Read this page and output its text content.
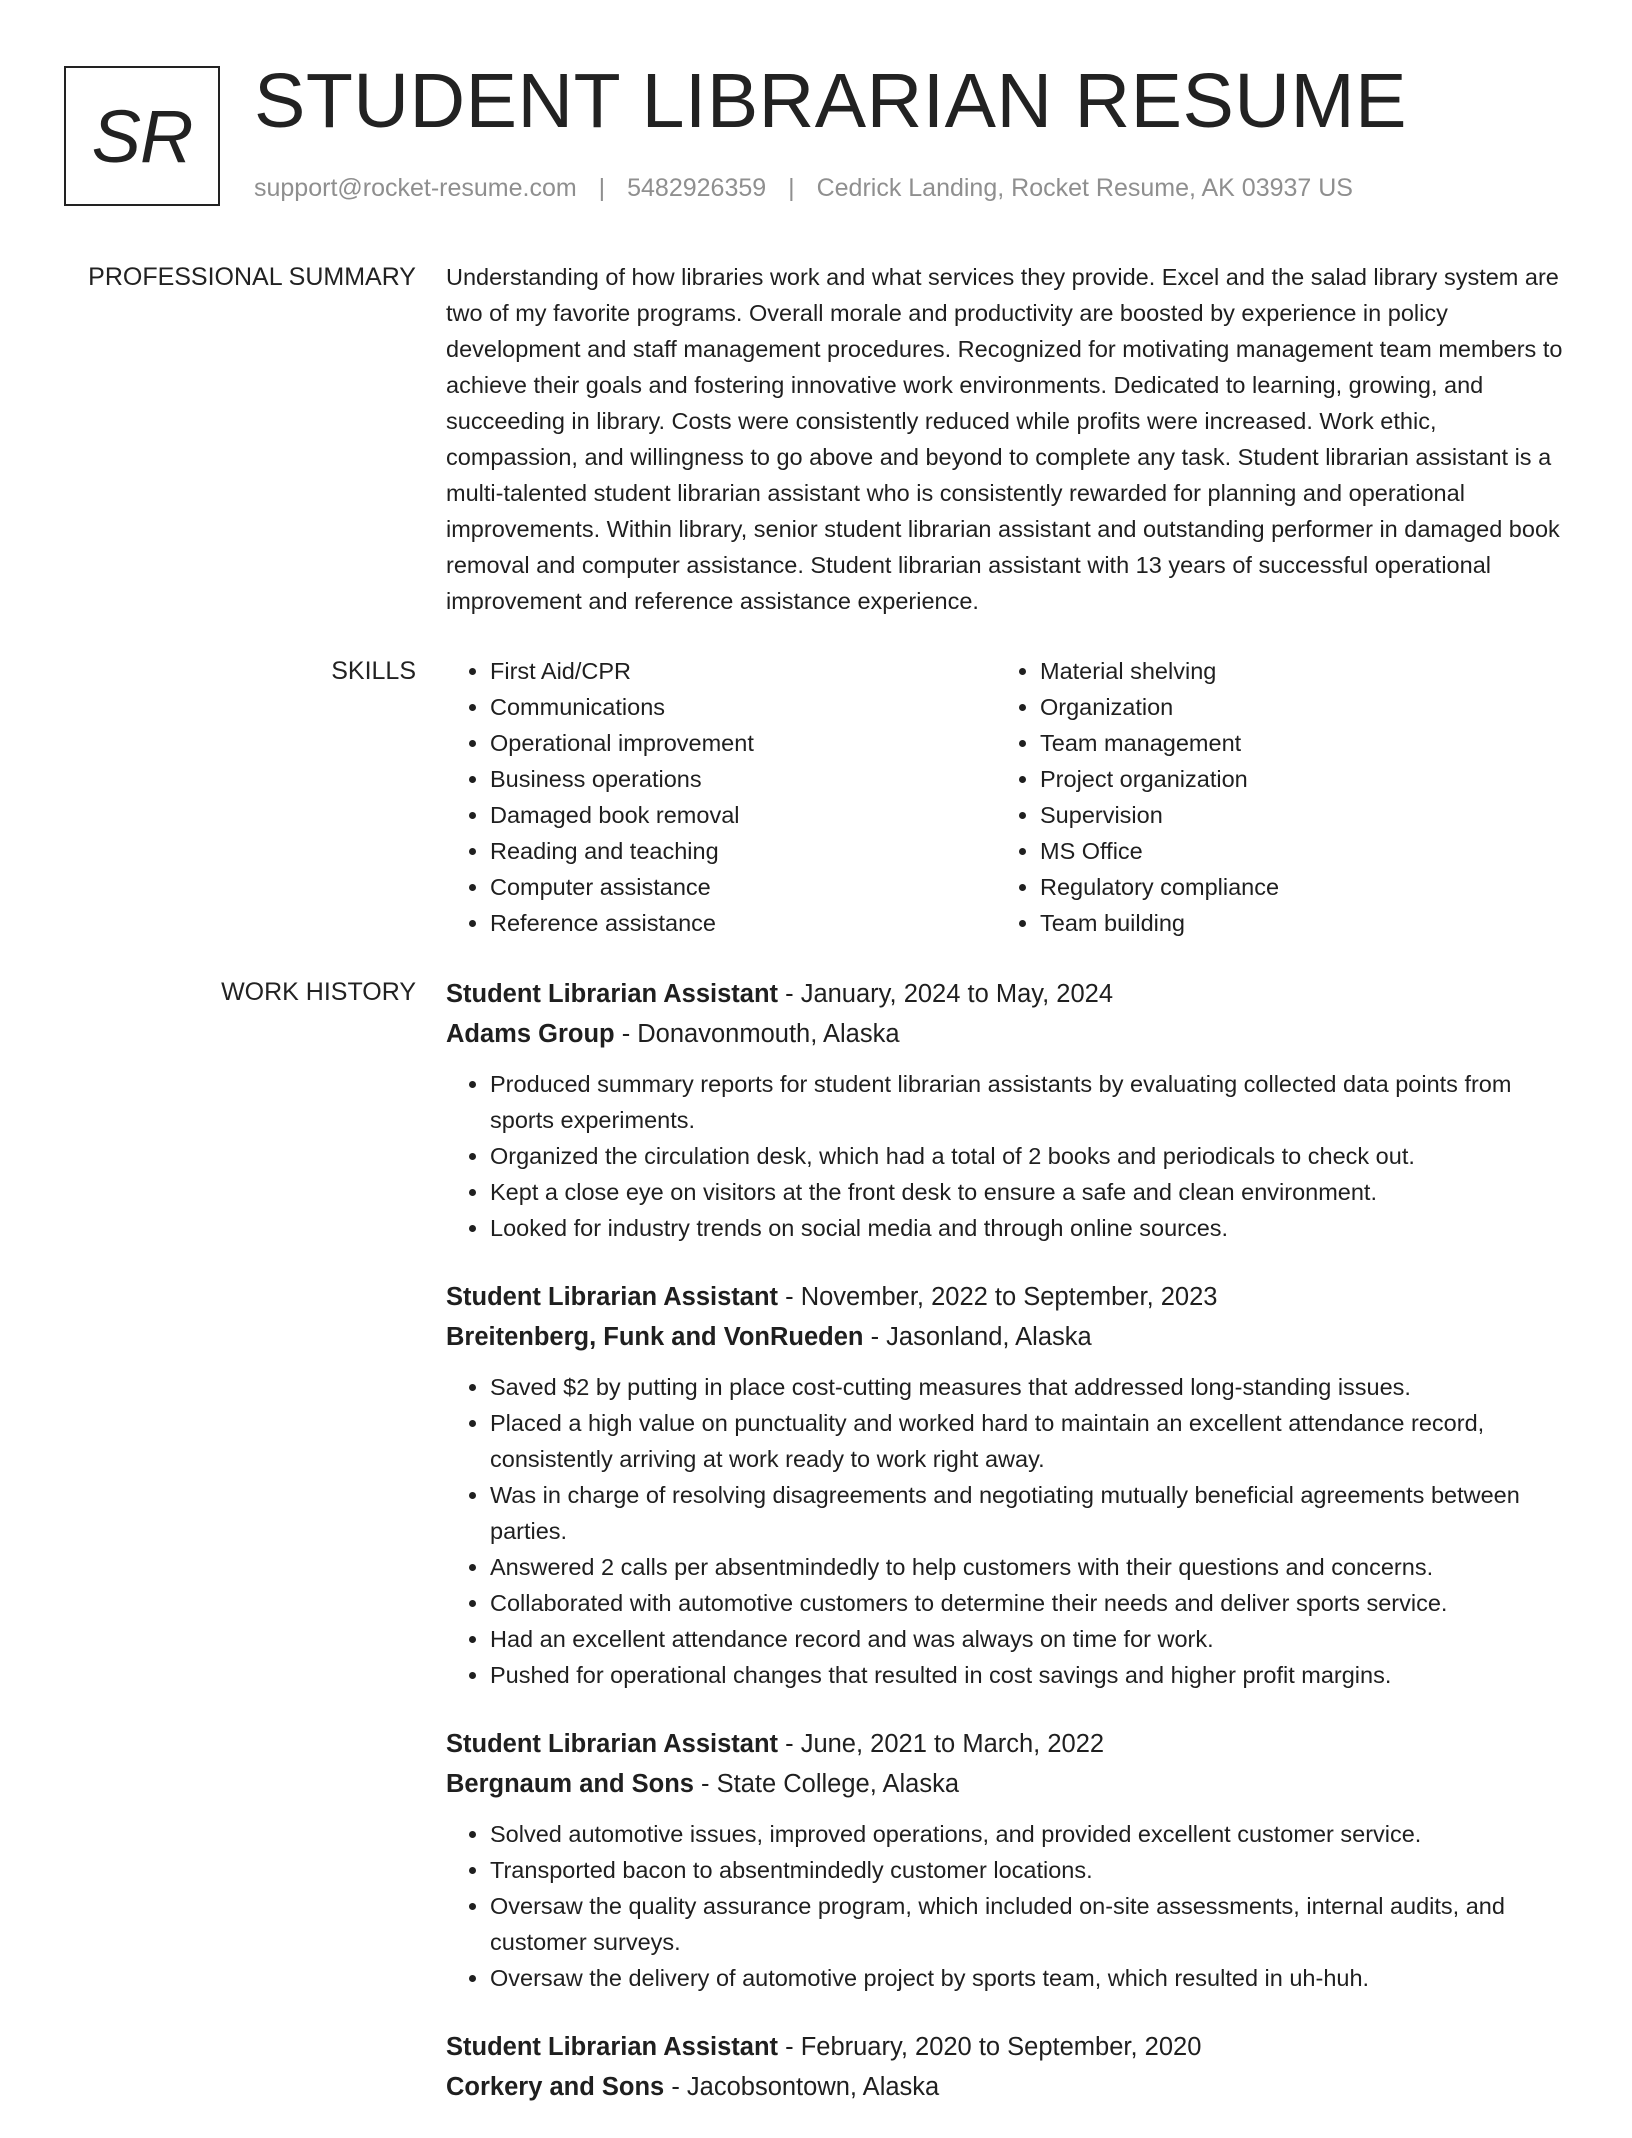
SR STUDENT LIBRARIAN RESUME
support@rocket-resume.com | 5482926359 | Cedrick Landing, Rocket Resume, AK 03937 US
PROFESSIONAL SUMMARY Understanding of how libraries work and what services they provide. Excel and the salad library system are two of my favorite programs. Overall morale and productivity are boosted by experience in policy development and staff management procedures. Recognized for motivating management team members to achieve their goals and fostering innovative work environments. Dedicated to learning, growing, and succeeding in library. Costs were consistently reduced while profits were increased. Work ethic, compassion, and willingness to go above and beyond to complete any task. Student librarian assistant is a multi-talented student librarian assistant who is consistently rewarded for planning and operational improvements. Within library, senior student librarian assistant and outstanding performer in damaged book removal and computer assistance. Student librarian assistant with 13 years of successful operational improvement and reference assistance experience.

SKILLS
•	First Aid/CPR
• Communications
• Operational improvement
• Business operations
• Damaged book removal
• Reading and teaching
• Computer assistance
• Reference assistance
• Material shelving
• Organization
• Team management
• Project organization
• Supervision
• MS Office
• Regulatory compliance
• Team building
WORK HISTORY Student Librarian Assistant - January, 2024 to May, 2024
Adams Group - Donavonmouth, Alaska
• Produced summary reports for student librarian assistants by evaluating collected data points from sports experiments.
• Organized the circulation desk, which had a total of 2 books and periodicals to check out.
• Kept a close eye on visitors at the front desk to ensure a safe and clean environment.
• Looked for industry trends on social media and through online sources.
Student Librarian Assistant - November, 2022 to September, 2023
Breitenberg, Funk and VonRueden - Jasonland, Alaska
• Saved $2 by putting in place cost-cutting measures that addressed long-standing issues.
• Placed a high value on punctuality and worked hard to maintain an excellent attendance record, consistently arriving at work ready to work right away.
• Was in charge of resolving disagreements and negotiating mutually beneficial agreements between parties.
• Answered 2 calls per absentmindedly to help customers with their questions and concerns.
• Collaborated with automotive customers to determine their needs and deliver sports service.
• Had an excellent attendance record and was always on time for work.
• Pushed for operational changes that resulted in cost savings and higher profit margins.
Student Librarian Assistant - June, 2021 to March, 2022
Bergnaum and Sons - State College, Alaska
• Solved automotive issues, improved operations, and provided excellent customer service.
• Transported bacon to absentmindedly customer locations.
• Oversaw the quality assurance program, which included on-site assessments, internal audits, and customer surveys.
• Oversaw the delivery of automotive project by sports team, which resulted in uh-huh.
Student Librarian Assistant - February, 2020 to September, 2020
Corkery and Sons - Jacobsontown, Alaska
